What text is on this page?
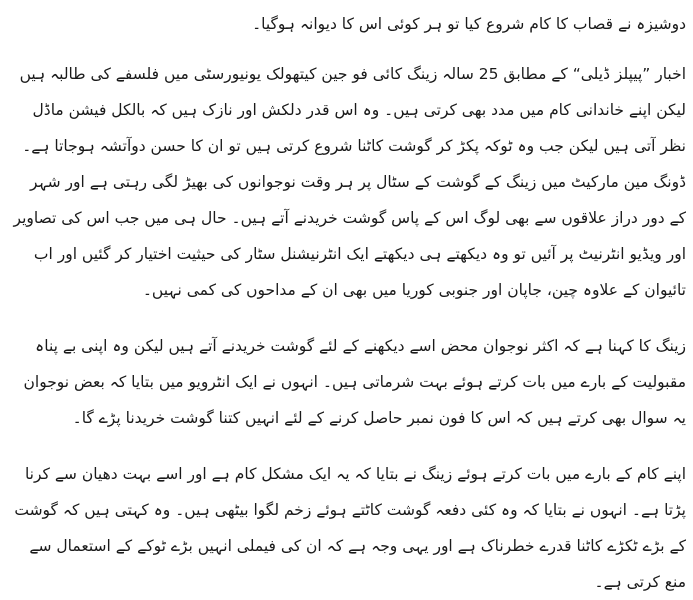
دوشیزہ نے قصاب کا کام شروع کیا تو ہر کوئی اس کا دیوانہ ہوگیا۔

اخبار ”پیپلز ڈیلی“ کے مطابق 25 سالہ زینگ کائی فو جین کیتھولک یونیورسٹی میں فلسفے کی طالبہ ہیں لیکن اپنے خاندانی کام میں مدد بھی کرتی ہیں۔ وہ اس قدر دلکش اور نازک ہیں کہ بالکل فیشن ماڈل نظر آتی ہیں لیکن جب وہ ٹوکہ پکڑ کر گوشت کاٹنا شروع کرتی ہیں تو ان کا حسن دوآتشہ ہوجاتا ہے۔ ڈونگ مین مارکیٹ میں زینگ کے گوشت کے سٹال پر ہر وقت نوجوانوں کی بھیڑ لگی رہتی ہے اور شہر کے دور دراز علاقوں سے بھی لوگ اس کے پاس گوشت خریدنے آتے ہیں۔ حال ہی میں جب اس کی تصاویر اور ویڈیو انٹرنیٹ پر آئیں تو وہ دیکھتے ہی دیکھتے ایک انٹرنیشنل سٹار کی حیثیت اختیار کر گئیں اور اب تائیوان کے علاوہ چین، جاپان اور جنوبی کوریا میں بھی ان کے مداحوں کی کمی نہیں۔

زینگ کا کہنا ہے کہ اکثر نوجوان محض اسے دیکھنے کے لئے گوشت خریدنے آتے ہیں لیکن وہ اپنی بے پناہ مقبولیت کے بارے میں بات کرتے ہوئے بہت شرماتی ہیں۔ انہوں نے ایک انٹرویو میں بتایا کہ بعض نوجوان یہ سوال بھی کرتے ہیں کہ اس کا فون نمبر حاصل کرنے کے لئے انہیں کتنا گوشت خریدنا پڑے گا۔

اپنے کام کے بارے میں بات کرتے ہوئے زینگ نے بتایا کہ یہ ایک مشکل کام ہے اور اسے بہت دھیان سے کرنا پڑتا ہے۔ انہوں نے بتایا کہ وہ کئی دفعہ گوشت کاٹتے ہوئے زخم لگوا بیٹھی ہیں۔ وہ کہتی ہیں کہ گوشت کے بڑے ٹکڑے کاٹنا قدرے خطرناک ہے اور یہی وجہ ہے کہ ان کی فیملی انہیں بڑے ٹوکے کے استعمال سے منع کرتی ہے۔
